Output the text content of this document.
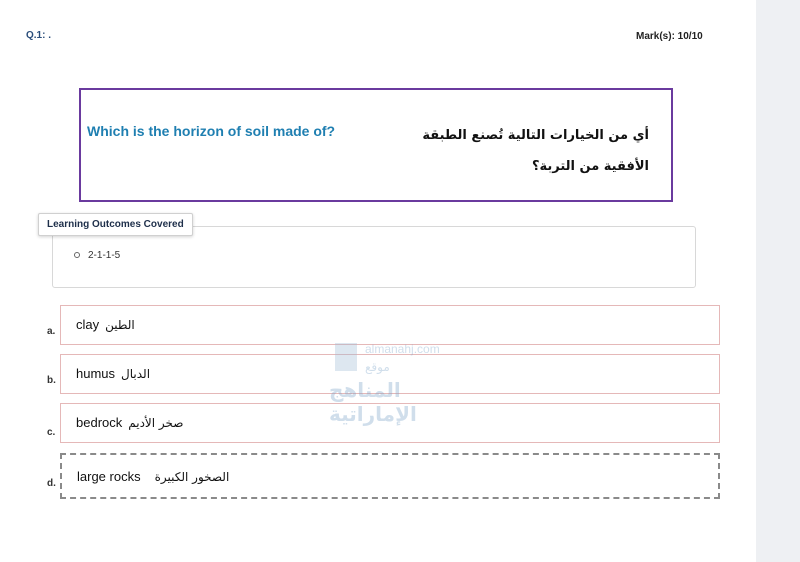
Q.1: .	Mark(s): 10/10
Which is the horizon of soil made of?	أي من الخيارات التالية تُصنع الطبقة الأفقية من التربة؟
Learning Outcomes Covered
2-1-1-5
a. clay الطين
b. humus الدبال
c.
bedrock صخر الأديم
d. large rocks الصخور الكبيرة
almanahj.com
موقع
المناهج الإماراتية
